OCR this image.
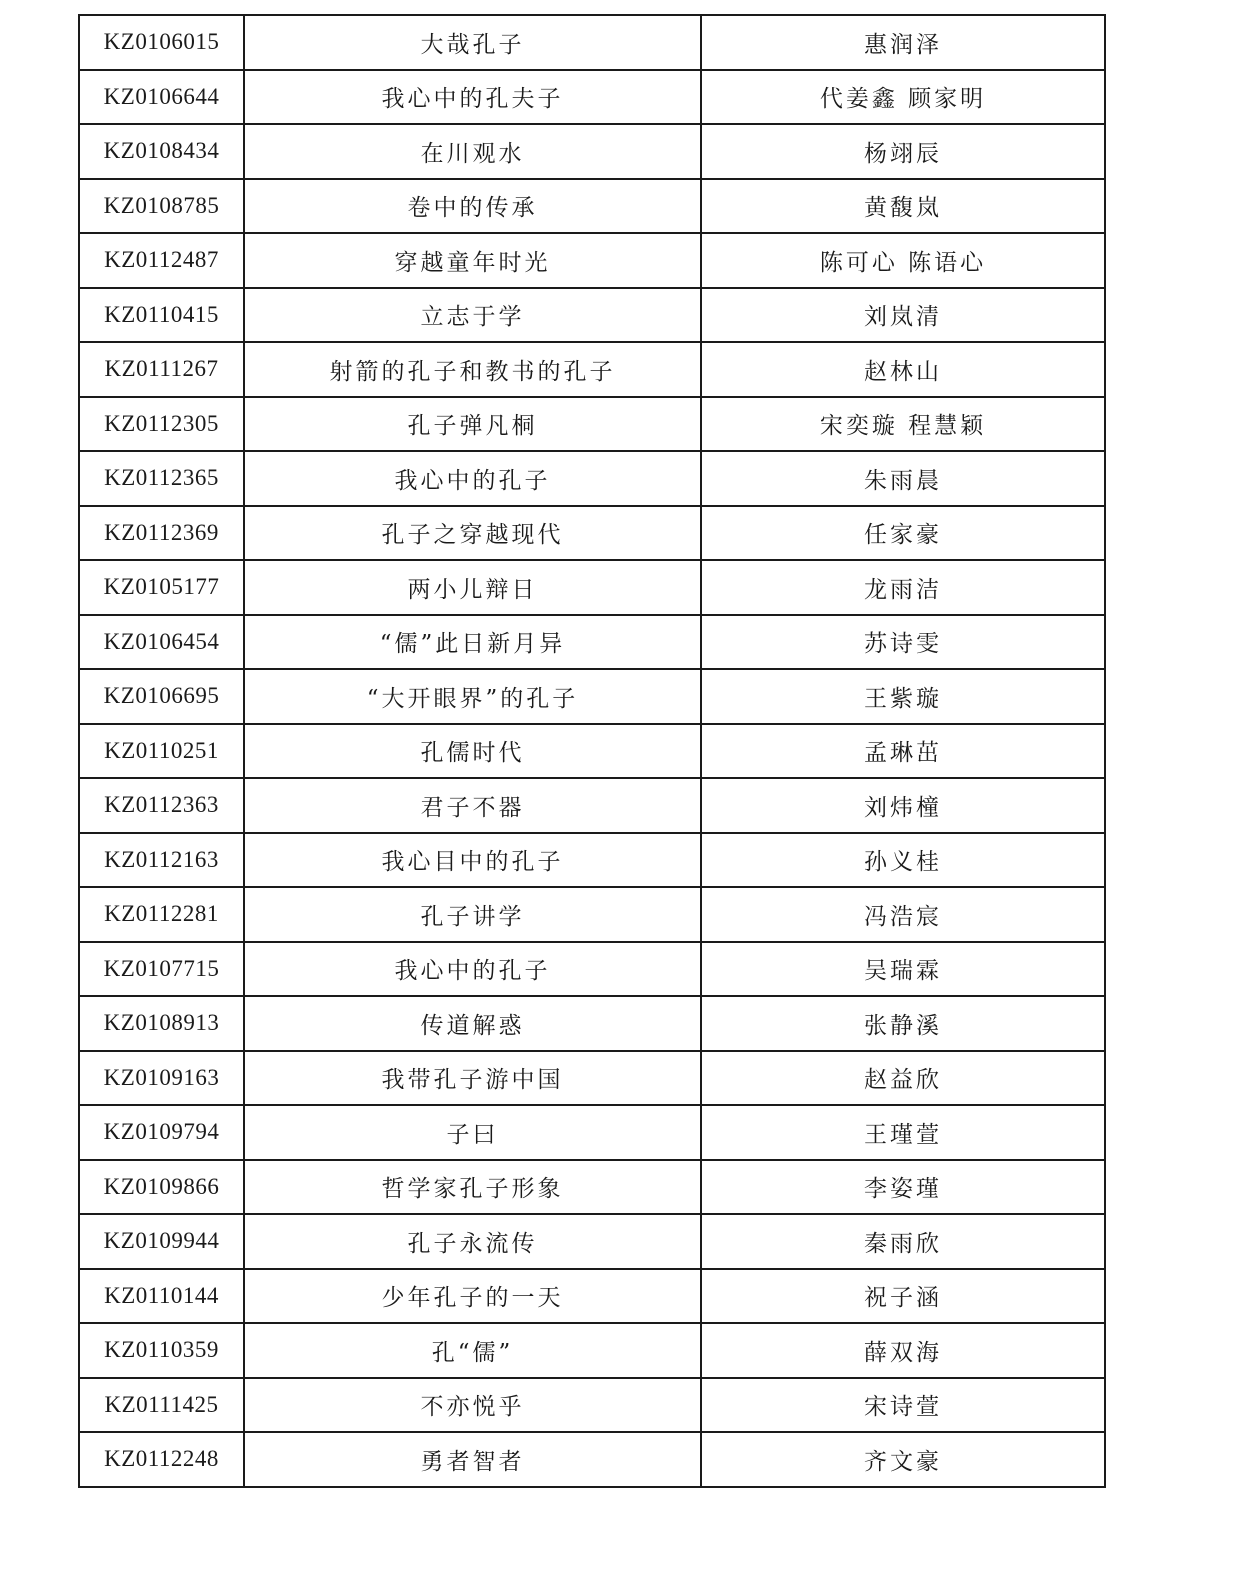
KZ0106015	大哉孔子	惠润泽
KZ0106644	我心中的孔夫子	代姜鑫 顾家明
KZ0108434	在川观水	杨翊辰
KZ0108785	卷中的传承	黄馥岚
KZ0112487	穿越童年时光	陈可心 陈语心
KZ0110415	立志于学	刘岚清
KZ0111267	射箭的孔子和教书的孔子	赵林山
KZ0112305	孔子弹凡桐	宋奕璇 程慧颖
KZ0112365	我心中的孔子	朱雨晨
KZ0112369	孔子之穿越现代	任家豪
KZ0105177	两小儿辩日	龙雨洁
KZ0106454	“儒”此日新月异	苏诗雯
KZ0106695	“大开眼界”的孔子	王紫璇
KZ0110251	孔儒时代	孟琳茁
KZ0112363	君子不器	刘炜橦
KZ0112163	我心目中的孔子	孙义桂
KZ0112281	孔子讲学	冯浩宸
KZ0107715	我心中的孔子	吴瑞霖
KZ0108913	传道解惑	张静溪
KZ0109163	我带孔子游中国	赵益欣
KZ0109794	子曰	王瑾萱
KZ0109866	哲学家孔子形象	李姿瑾
KZ0109944	孔子永流传	秦雨欣
KZ0110144	少年孔子的一天	祝子涵
KZ0110359	孔“儒”	薛双海
KZ0111425	不亦悦乎	宋诗萱
KZ0112248	勇者智者	齐文豪
